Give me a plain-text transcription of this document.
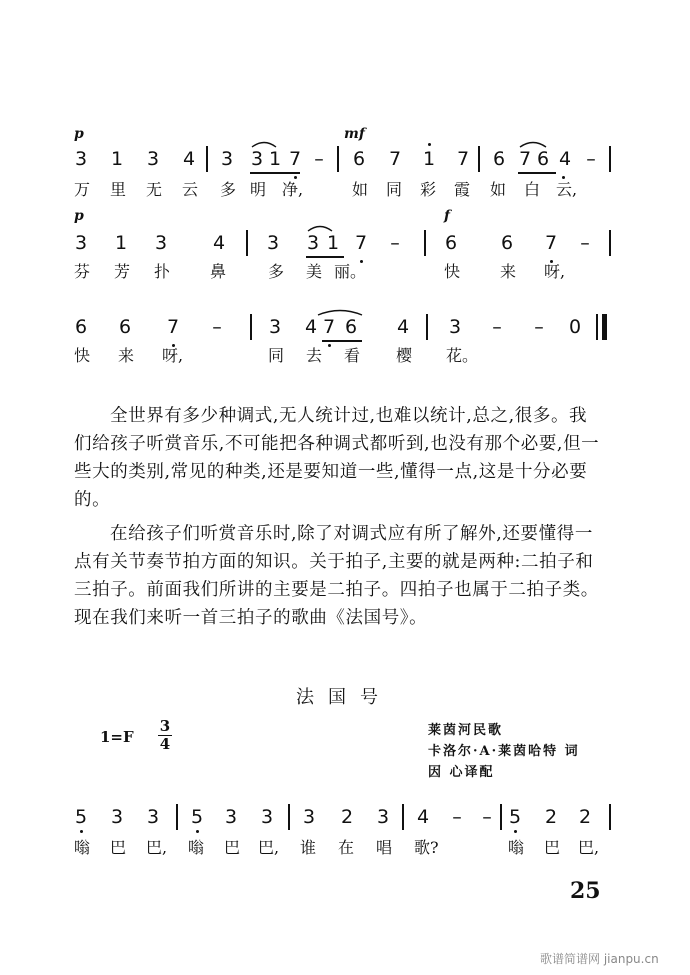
p	mf
3 1 3 4 3 3 1 7 –	6 7 1 7 6 7 6 4 –
万 里 无 云 多 明 净,	如 同 彩 霞 如 白 云,
p	f
3 1 3 4 3 3 1 7	–	6 6 7	–
芬 芳 扑 鼻	多 美 丽。	快 来 呀,
6 6 7	–	3 4 7 6 4 3	–	–	0
快 来 呀,	同 去 看 樱 花。

全世界有多少种调式,无人统计过,也难以统计,总之,很多。我们给孩子听赏音乐,不可能把各种调式都听到,也没有那个必要,但一些大的类别,常见的种类,还是要知道一些,懂得一点,这是十分必要的。

在给孩子们听赏音乐时,除了对调式应有所了解外,还要懂得一点有关节奏节拍方面的知识。关于拍子,主要的就是两种:二拍子和三拍子。前面我们所讲的主要是二拍子。四拍子也属于二拍子类。现在我们来听一首三拍子的歌曲《法国号》。

法国号
1=F
3
4
莱茵河民歌
卡洛尔·A·莱茵哈特 词
因 心译配
5 3 3 5 3 3 3 2 3 4	–	– 5 2 2
嗡 巴 巴, 嗡 巴 巴, 谁 在 唱 歌?	嗡 巴 巴,
25
歌谱简谱网 jianpu.cn
